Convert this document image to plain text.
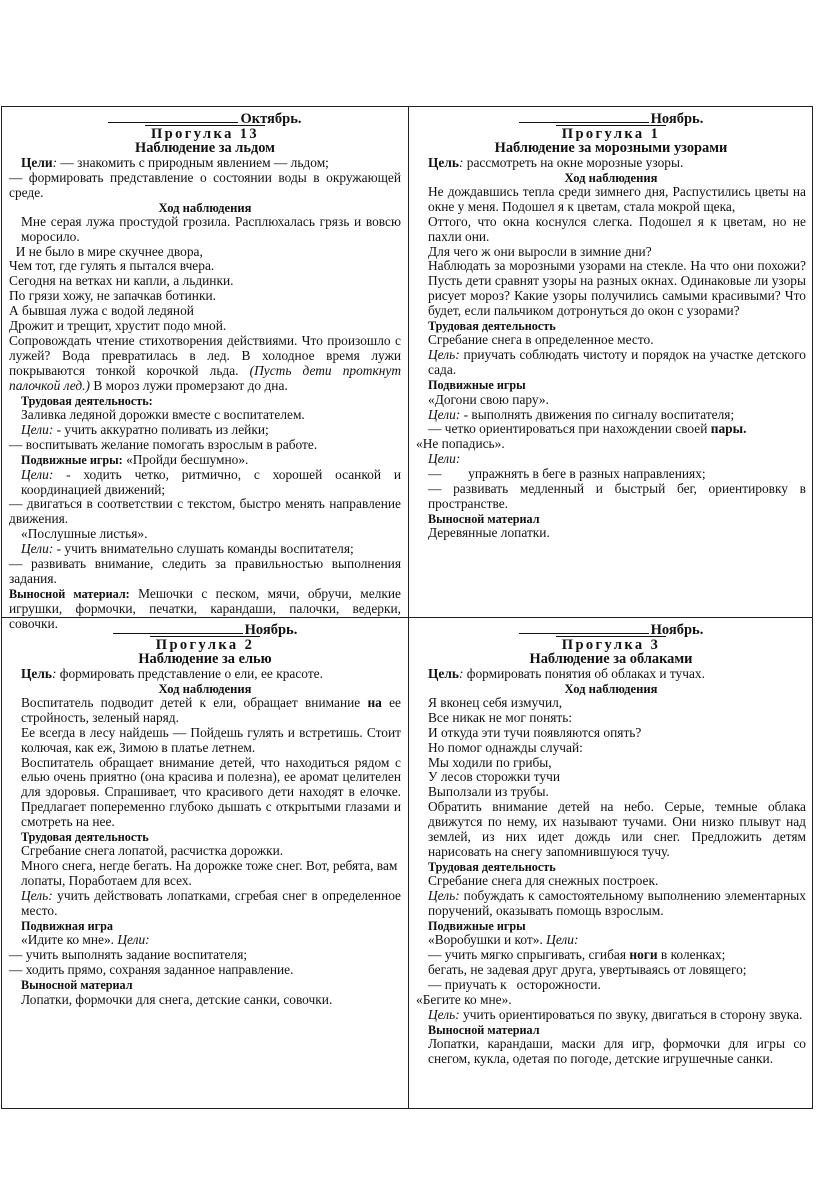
Октябрь.
Прогулка 13
Наблюдение за льдом

Цели: — знакомить с природным явлением — льдом;

— формировать представление о состоянии воды в окружающей среде.

Ход наблюдения

Мне серая лужа простудой грозила. Расплюхалась грязь и вовсю моросило.

И не было в мире скучнее двора,

Чем тот, где гулять я пытался вчера.

Сегодня на ветках ни капли, а льдинки.

По грязи хожу, не запачкав ботинки.

А бывшая лужа с водой ледяной

Дрожит и трещит, хрустит подо мной.

Сопровождать чтение стихотворения действиями. Что произошло с лужей? Вода превратилась в лед. В холодное время лужи покрываются тонкой корочкой льда. (Пусть дети проткнут палочкой лед.) В мороз лужи промерзают до дна.

Трудовая деятельность:

Заливка ледяной дорожки вместе с воспитателем.

Цели: - учить аккуратно поливать из лейки;

— воспитывать желание помогать взрослым в работе.

Подвижные игры: «Пройди бесшумно».

Цели: - ходить четко, ритмично, с хорошей осанкой и координацией движений;

— двигаться в соответствии с текстом, быстро менять направление движения.

«Послушные листья».

Цели: - учить внимательно слушать команды воспитателя;

— развивать внимание, следить за правильностью выполнения задания.

Выносной материал: Мешочки с песком, мячи, обручи, мелкие игрушки, формочки, печатки, карандаши, палочки, ведерки, совочки.

Ноябрь.
Прогулка 1
Наблюдение за морозными узорами

Цель: рассмотреть на окне морозные узоры.

Ход наблюдения

Не дождавшись тепла среди зимнего дня, Распустились цветы на окне у меня. Подошел я к цветам, стала мокрой щека,

Оттого, что окна коснулся слегка. Подошел я к цветам, но не пахли они.

Для чего ж они выросли в зимние дни?

Наблюдать за морозными узорами на стекле. На что они похожи? Пусть дети сравнят узоры на разных окнах. Одинаковые ли узоры рисует мороз? Какие узоры получились самыми красивыми? Что будет, если пальчиком дотронуться до окон с узорами?

Трудовая деятельность

Сгребание снега в определенное место.

Цель: приучать соблюдать чистоту и порядок на участке детского сада.

Подвижные игры

«Догони свою пару».

Цели: - выполнять движения по сигналу воспитателя;

— четко ориентироваться при нахождении своей пары.

«Не попадись».

Цели:

—        упражнять в беге в разных направлениях;

— развивать медленный и быстрый бег, ориентировку в пространстве.

Выносной материал

Деревянные лопатки.

Ноябрь.
Прогулка 2
Наблюдение за елью

Цель: формировать представление о ели, ее красоте.

Ход наблюдения

Воспитатель подводит детей к ели, обращает внимание на ее стройность, зеленый наряд.

Ее всегда в лесу найдешь — Пойдешь гулять и встретишь. Стоит колючая, как еж, Зимою в платье летнем.

Воспитатель обращает внимание детей, что находиться рядом с елью очень приятно (она красива и полезна), ее аромат целителен для здоровья. Спрашивает, что красивого дети находят в елочке. Предлагает попеременно глубоко дышать с открытыми глазами и смотреть на нее.

Трудовая деятельность

Сгребание снега лопатой, расчистка дорожки.

Много снега, негде бегать. На дорожке тоже снег. Вот, ребята, вам лопаты, Поработаем для всех.

Цель: учить действовать лопатками, сгребая снег в определенное место.

Подвижная игра

«Идите ко мне». Цели:

— учить выполнять задание воспитателя;

— ходить прямо, сохраняя заданное направление.

Выносной материал

Лопатки, формочки для снега, детские санки, совочки.

Ноябрь.
Прогулка 3
Наблюдение за облаками

Цель: формировать понятия об облаках и тучах.

Ход наблюдения

Я вконец себя измучил,

Все никак не мог понять:

И откуда эти тучи появляются опять?

Но помог однажды случай:

Мы ходили по грибы,

У лесов сторожки тучи

Выползали из трубы.

Обратить внимание детей на небо. Серые, темные облака движутся по нему, их называют тучами. Они низко плывут над землей, из них идет дождь или снег. Предложить детям нарисовать на снегу запомнившуюся тучу.

Трудовая деятельность

Сгребание снега для снежных построек.

Цель: побуждать к самостоятельному выполнению элементарных поручений, оказывать помощь взрослым.

Подвижные игры

«Воробушки и кот». Цели:

— учить мягко спрыгивать, сгибая ноги в коленках;

бегать, не задевая друг друга, увертываясь от ловящего;

— приучать к   осторожности.

«Бегите ко мне».

Цель: учить ориентироваться по звуку, двигаться в сторону звука.

Выносной материал

Лопатки, карандаши, маски для игр, формочки для игры со снегом, кукла, одетая по погоде, детские игрушечные санки.
